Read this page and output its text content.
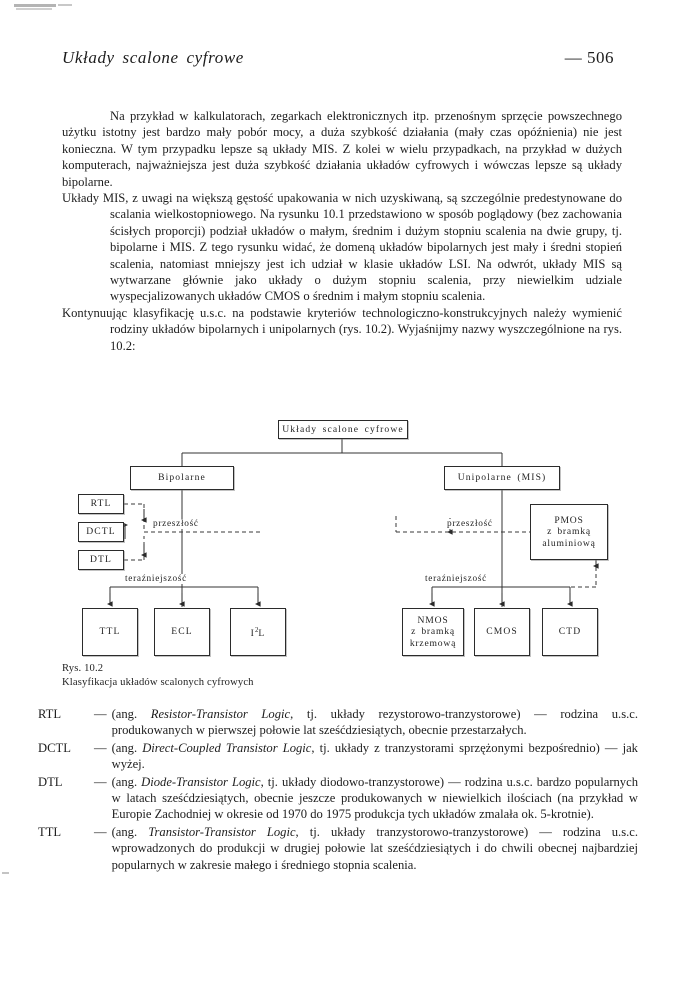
Układy scalone cyfrowe	— 506

Na przykład w kalkulatorach, zegarkach elektronicznych itp. przenośnym sprzęcie powszechnego użytku istotny jest bardzo mały pobór mocy, a duża szybkość działania (mały czas opóźnienia) nie jest konieczna. W tym przypadku lepsze są układy MIS. Z kolei w wielu przypadkach, na przykład w dużych komputerach, najważniejsza jest duża szybkość działania układów cyfrowych i wówczas lepsze są układy bipolarne.

Układy MIS, z uwagi na większą gęstość upakowania w nich uzyskiwaną, są szczególnie predestynowane do scalania wielkostopniowego. Na rysunku 10.1 przedstawiono w sposób poglądowy (bez zachowania ścisłych proporcji) podział układów o małym, średnim i dużym stopniu scalenia na dwie grupy, tj. bipolarne i MIS. Z tego rysunku widać, że domeną układów bipolarnych jest mały i średni stopień scalenia, natomiast mniejszy jest ich udział w klasie układów LSI. Na odwrót, układy MIS są wytwarzane głównie jako układy o dużym stopniu scalenia, przy niewielkim udziale wyspecjalizowanych układów CMOS o średnim i małym stopniu scalenia.

Kontynuując klasyfikację u.s.c. na podstawie kryteriów technologiczno-konstrukcyjnych należy wymienić rodziny układów bipolarnych i unipolarnych (rys. 10.2). Wyjaśnijmy nazwy wyszczególnione na rys. 10.2:

Układy scalone cyfrowe
Bipolarne	Unipolarne (MIS)
RTL
DCTL
DTL
PMOS
z bramką
aluminiową
TTL	ECL	$I^2L$
NMOS
z bramką
krzemową
CMOS	CTD
przeszłość	przeszłość
teraźniejszość	teraźniejszość
Rys. 10.2
Klasyfikacja układów scalonych cyfrowych
RTL	— (ang. Resistor-Transistor Logic, tj. układy rezystorowo-tranzystorowe) — rodzina u.s.c. produkowanych w pierwszej połowie lat sześćdziesiątych, obecnie przestarzałych.
DCTL	— (ang. Direct-Coupled Transistor Logic, tj. układy z tranzystorami sprzężonymi bezpośrednio) — jak wyżej.
DTL	— (ang. Diode-Transistor Logic, tj. układy diodowo-tranzystorowe) — rodzina u.s.c. bardzo popularnych w latach sześćdziesiątych, obecnie jeszcze produkowanych w niewielkich ilościach (na przykład w Europie Zachodniej w okresie od 1970 do 1975 produkcja tych układów zmalała ok. 5-krotnie).
TTL	— (ang. Transistor-Transistor Logic, tj. układy tranzystorowo-tranzystorowe) — rodzina u.s.c. wprowadzonych do produkcji w drugiej połowie lat sześćdziesiątych i do chwili obecnej najbardziej popularnych w zakresie małego i średniego stopnia scalenia.
